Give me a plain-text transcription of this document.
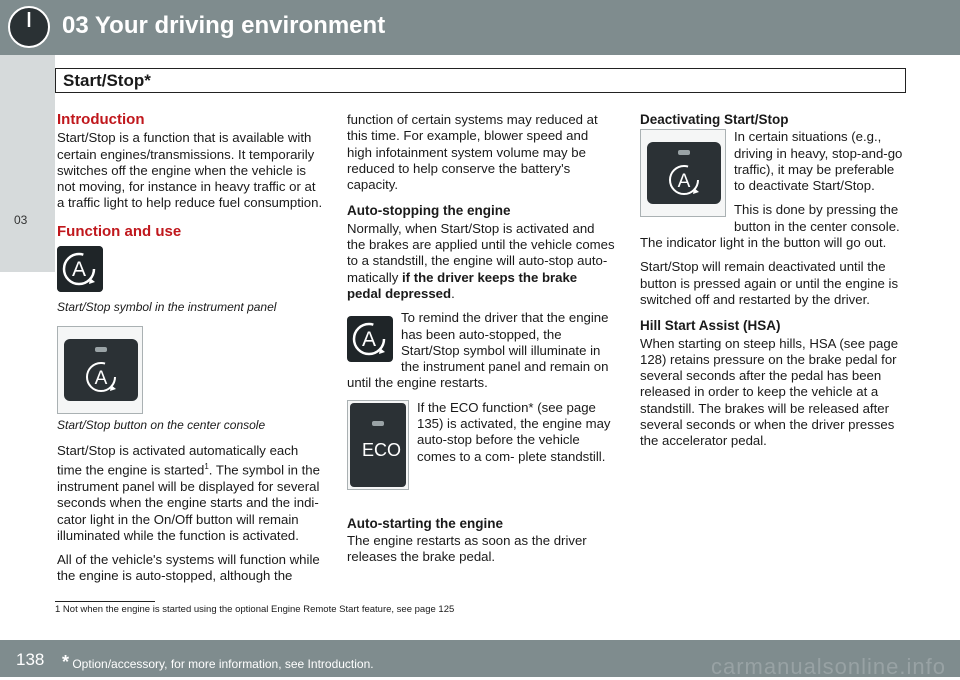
03 Your driving environment
03
Start/Stop*
Introduction

Start/Stop is a function that is available with certain engines/transmissions. It temporarily switches off the engine when the vehicle is not moving, for instance in heavy traffic or at a traffic light to help reduce fuel consumption.

Function and use
A
Start/Stop symbol in the instrument panel
A
Start/Stop button on the center console

Start/Stop is activated automatically each time the engine is started$^1$. The symbol in the instrument panel will be displayed for several seconds when the engine starts and the indi- cator light in the On/Off button will remain illuminated while the function is activated.

All of the vehicle's systems will function while the engine is auto-stopped, although the

function of certain systems may reduced at this time. For example, blower speed and high infotainment system volume may be reduced to help conserve the battery's capacity.

Auto-stopping the engine

Normally, when Start/Stop is activated and the brakes are applied until the vehicle comes to a standstill, the engine will auto-stop auto- matically if the driver keeps the brake pedal depressed.

A

To remind the driver that the engine has been auto-stopped, the Start/Stop symbol will illuminate in the instrument panel and remain on until the engine restarts.

If the ECO function* (see page 135) is activated, the engine may auto-stop before the vehicle comes to a com- plete standstill.

ECO
Auto-starting the engine

The engine restarts as soon as the driver releases the brake pedal.

Deactivating Start/Stop
A

In certain situations (e.g., driving in heavy, stop-and-go traffic), it may be preferable to deactivate Start/Stop.

This is done by pressing the button in the center console. The indicator light in the button will go out.

Start/Stop will remain deactivated until the button is pressed again or until the engine is switched off and restarted by the driver.

Hill Start Assist (HSA)

When starting on steep hills, HSA (see page 128) retains pressure on the brake pedal for several seconds after the pedal has been released in order to keep the vehicle at a standstill. The brakes will be released after several seconds or when the driver presses the accelerator pedal.

1 Not when the engine is started using the optional Engine Remote Start feature, see page 125
138 * Option/accessory, for more information, see Introduction.	carmanualsonline.info
